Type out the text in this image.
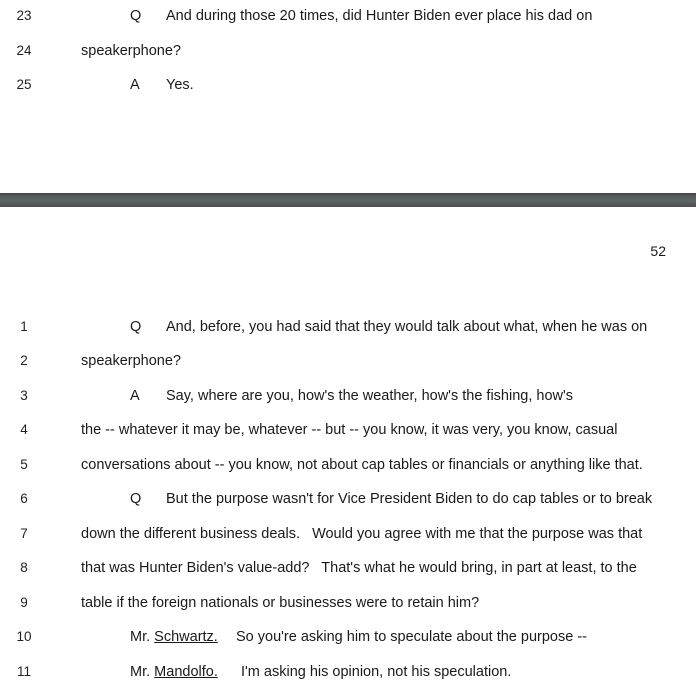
23	Q And during those 20 times, did Hunter Biden ever place his dad on
24	speakerphone?
25	A Yes.
52
1	Q And, before, you had said that they would talk about what, when he was on
2	speakerphone?
3	A Say, where are you, how's the weather, how's the fishing, how's
4	the -- whatever it may be, whatever -- but -- you know, it was very, you know, casual
5	conversations about -- you know, not about cap tables or financials or anything like that.
6	Q But the purpose wasn't for Vice President Biden to do cap tables or to break
7	down the different business deals.   Would you agree with me that the purpose was that
8	that was Hunter Biden's value-add?   That's what he would bring, in part at least, to the
9	table if the foreign nationals or businesses were to retain him?
10	Mr. Schwartz. So you're asking him to speculate about the purpose --
11	Mr. Mandolfo. I'm asking his opinion, not his speculation.
